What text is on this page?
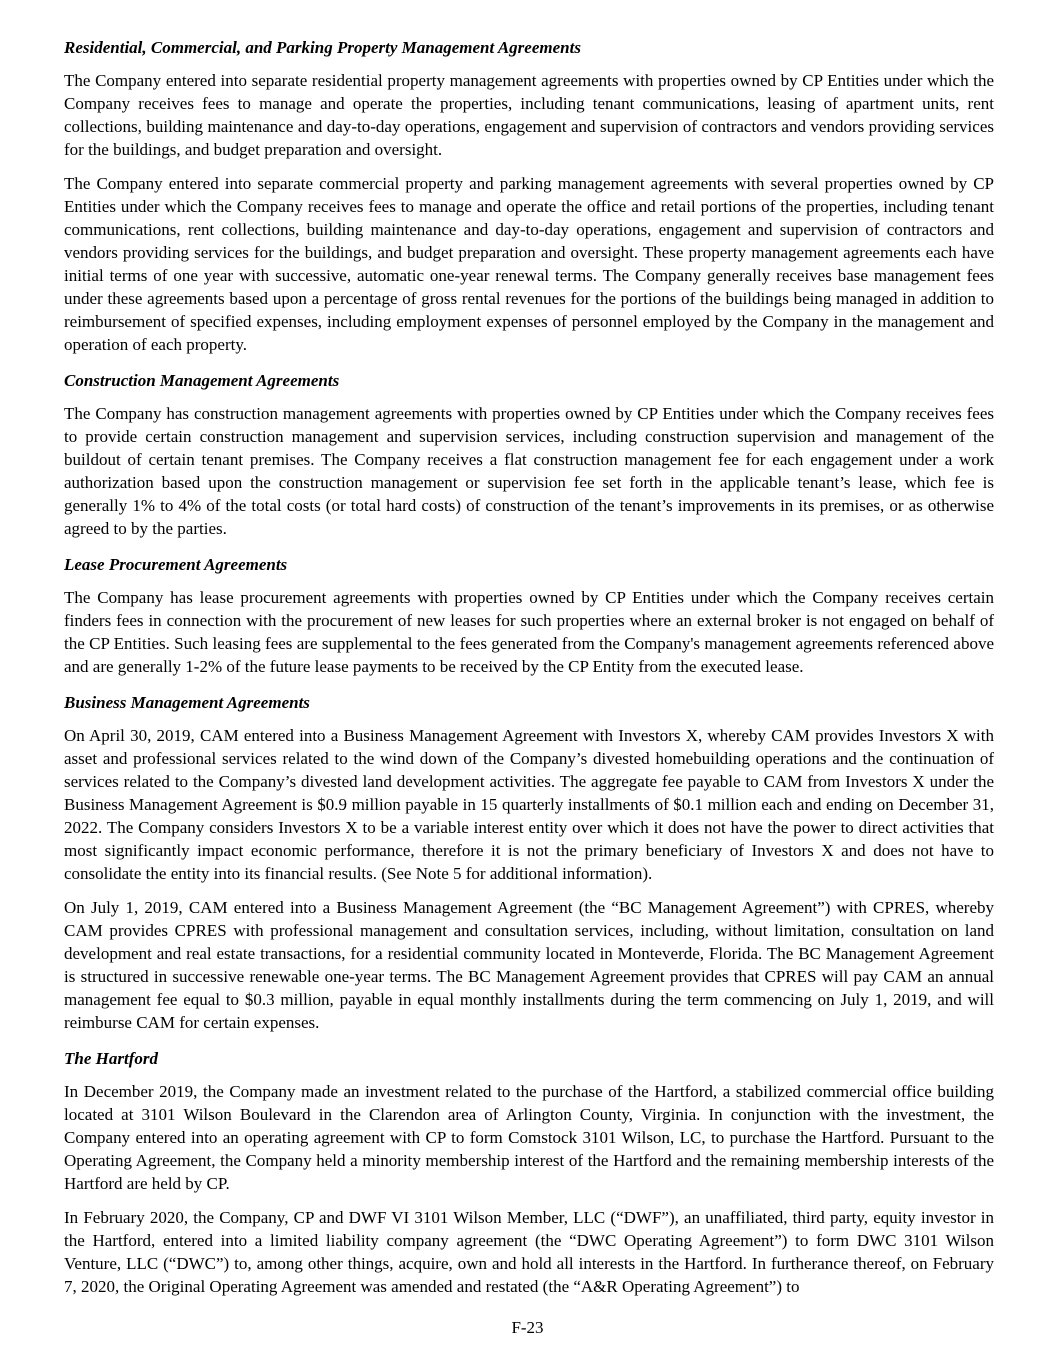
Residential, Commercial, and Parking Property Management Agreements

The Company entered into separate residential property management agreements with properties owned by CP Entities under which the Company receives fees to manage and operate the properties, including tenant communications, leasing of apartment units, rent collections, building maintenance and day-to-day operations, engagement and supervision of contractors and vendors providing services for the buildings, and budget preparation and oversight.

The Company entered into separate commercial property and parking management agreements with several properties owned by CP Entities under which the Company receives fees to manage and operate the office and retail portions of the properties, including tenant communications, rent collections, building maintenance and day-to-day operations, engagement and supervision of contractors and vendors providing services for the buildings, and budget preparation and oversight. These property management agreements each have initial terms of one year with successive, automatic one-year renewal terms. The Company generally receives base management fees under these agreements based upon a percentage of gross rental revenues for the portions of the buildings being managed in addition to reimbursement of specified expenses, including employment expenses of personnel employed by the Company in the management and operation of each property.

Construction Management Agreements

The Company has construction management agreements with properties owned by CP Entities under which the Company receives fees to provide certain construction management and supervision services, including construction supervision and management of the buildout of certain tenant premises. The Company receives a flat construction management fee for each engagement under a work authorization based upon the construction management or supervision fee set forth in the applicable tenant’s lease, which fee is generally 1% to 4% of the total costs (or total hard costs) of construction of the tenant’s improvements in its premises, or as otherwise agreed to by the parties.

Lease Procurement Agreements

The Company has lease procurement agreements with properties owned by CP Entities under which the Company receives certain finders fees in connection with the procurement of new leases for such properties where an external broker is not engaged on behalf of the CP Entities. Such leasing fees are supplemental to the fees generated from the Company's management agreements referenced above and are generally 1-2% of the future lease payments to be received by the CP Entity from the executed lease.

Business Management Agreements

On April 30, 2019, CAM entered into a Business Management Agreement with Investors X, whereby CAM provides Investors X with asset and professional services related to the wind down of the Company’s divested homebuilding operations and the continuation of services related to the Company’s divested land development activities. The aggregate fee payable to CAM from Investors X under the Business Management Agreement is $0.9 million payable in 15 quarterly installments of $0.1 million each and ending on December 31, 2022. The Company considers Investors X to be a variable interest entity over which it does not have the power to direct activities that most significantly impact economic performance, therefore it is not the primary beneficiary of Investors X and does not have to consolidate the entity into its financial results. (See Note 5 for additional information).

On July 1, 2019, CAM entered into a Business Management Agreement (the “BC Management Agreement”) with CPRES, whereby CAM provides CPRES with professional management and consultation services, including, without limitation, consultation on land development and real estate transactions, for a residential community located in Monteverde, Florida. The BC Management Agreement is structured in successive renewable one-year terms. The BC Management Agreement provides that CPRES will pay CAM an annual management fee equal to $0.3 million, payable in equal monthly installments during the term commencing on July 1, 2019, and will reimburse CAM for certain expenses.

The Hartford

In December 2019, the Company made an investment related to the purchase of the Hartford, a stabilized commercial office building located at 3101 Wilson Boulevard in the Clarendon area of Arlington County, Virginia. In conjunction with the investment, the Company entered into an operating agreement with CP to form Comstock 3101 Wilson, LC, to purchase the Hartford. Pursuant to the Operating Agreement, the Company held a minority membership interest of the Hartford and the remaining membership interests of the Hartford are held by CP.

In February 2020, the Company, CP and DWF VI 3101 Wilson Member, LLC (“DWF”), an unaffiliated, third party, equity investor in the Hartford, entered into a limited liability company agreement (the “DWC Operating Agreement”) to form DWC 3101 Wilson Venture, LLC (“DWC”) to, among other things, acquire, own and hold all interests in the Hartford. In furtherance thereof, on February 7, 2020, the Original Operating Agreement was amended and restated (the “A&R Operating Agreement”) to

F-23
